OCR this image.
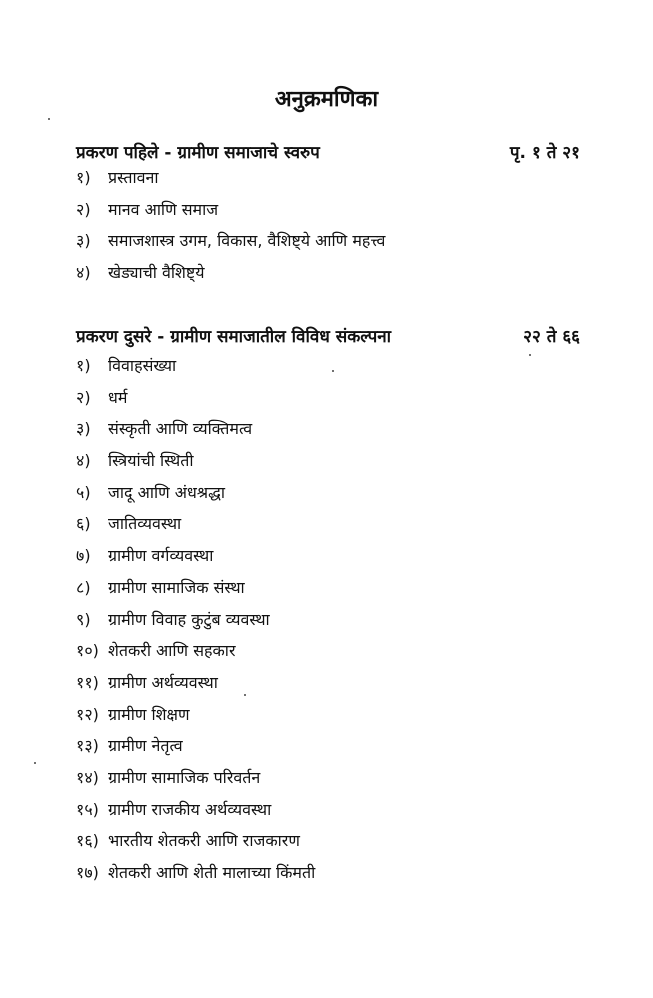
अनुक्रमणिका
प्रकरण पहिले - ग्रामीण समाजाचे स्वरुप	पृ. १ ते २१
१) प्रस्तावना
२) मानव आणि समाज
३) समाजशास्त्र उगम, विकास, वैशिष्ट्ये आणि महत्त्व
४) खेड्याची वैशिष्ट्ये
प्रकरण दुसरे - ग्रामीण समाजातील विविध संकल्पना	२२ ते ६६
१) विवाहसंख्या
२) धर्म
३) संस्कृती आणि व्यक्तिमत्व
४) स्त्रियांची स्थिती
५) जादू आणि अंधश्रद्धा
६) जातिव्यवस्था
७) ग्रामीण वर्गव्यवस्था
८) ग्रामीण सामाजिक संस्था
९) ग्रामीण विवाह कुटुंब व्यवस्था
१०) शेतकरी आणि सहकार
११) ग्रामीण अर्थव्यवस्था
१२) ग्रामीण शिक्षण
१३) ग्रामीण नेतृत्व
१४) ग्रामीण सामाजिक परिवर्तन
१५) ग्रामीण राजकीय अर्थव्यवस्था
१६) भारतीय शेतकरी आणि राजकारण
१७) शेतकरी आणि शेती मालाच्या किंमती
